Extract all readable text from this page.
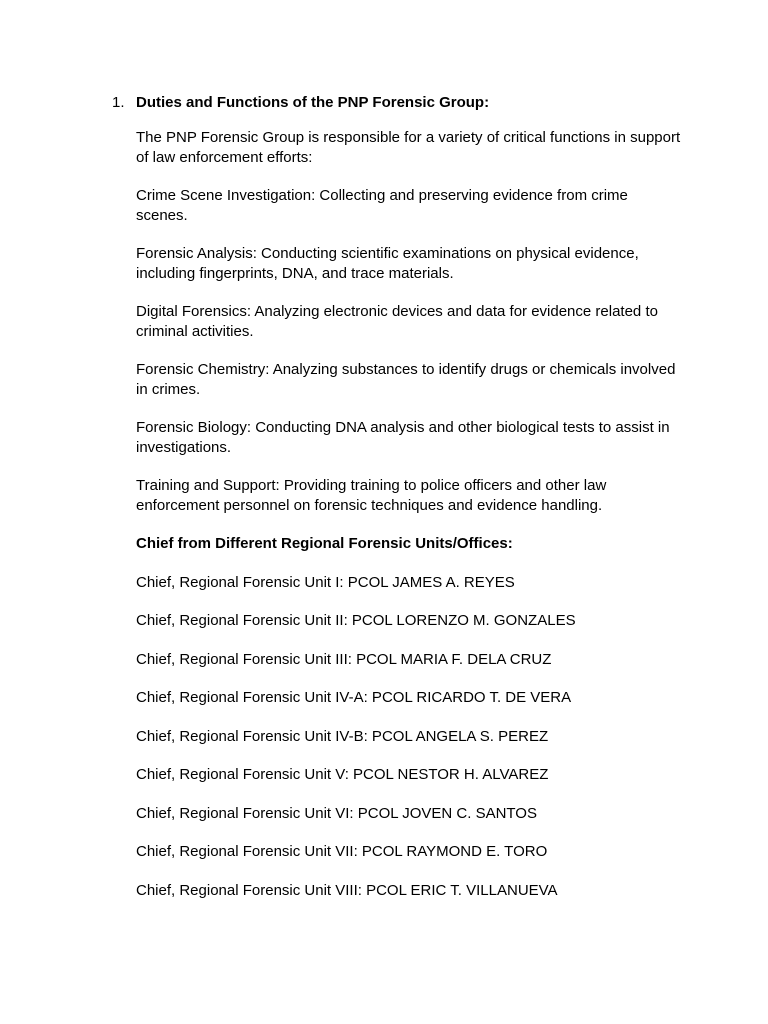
1. Duties and Functions of the PNP Forensic Group:

The PNP Forensic Group is responsible for a variety of critical functions in support of law enforcement efforts:

Crime Scene Investigation: Collecting and preserving evidence from crime scenes.

Forensic Analysis: Conducting scientific examinations on physical evidence, including fingerprints, DNA, and trace materials.

Digital Forensics: Analyzing electronic devices and data for evidence related to criminal activities.

Forensic Chemistry: Analyzing substances to identify drugs or chemicals involved in crimes.

Forensic Biology: Conducting DNA analysis and other biological tests to assist in investigations.

Training and Support: Providing training to police officers and other law enforcement personnel on forensic techniques and evidence handling.

Chief from Different Regional Forensic Units/Offices:

Chief, Regional Forensic Unit I: PCOL JAMES A. REYES
Chief, Regional Forensic Unit II: PCOL LORENZO M. GONZALES
Chief, Regional Forensic Unit III: PCOL MARIA F. DELA CRUZ
Chief, Regional Forensic Unit IV-A: PCOL RICARDO T. DE VERA
Chief, Regional Forensic Unit IV-B: PCOL ANGELA S. PEREZ
Chief, Regional Forensic Unit V: PCOL NESTOR H. ALVAREZ
Chief, Regional Forensic Unit VI: PCOL JOVEN C. SANTOS
Chief, Regional Forensic Unit VII: PCOL RAYMOND E. TORO
Chief, Regional Forensic Unit VIII: PCOL ERIC T. VILLANUEVA
